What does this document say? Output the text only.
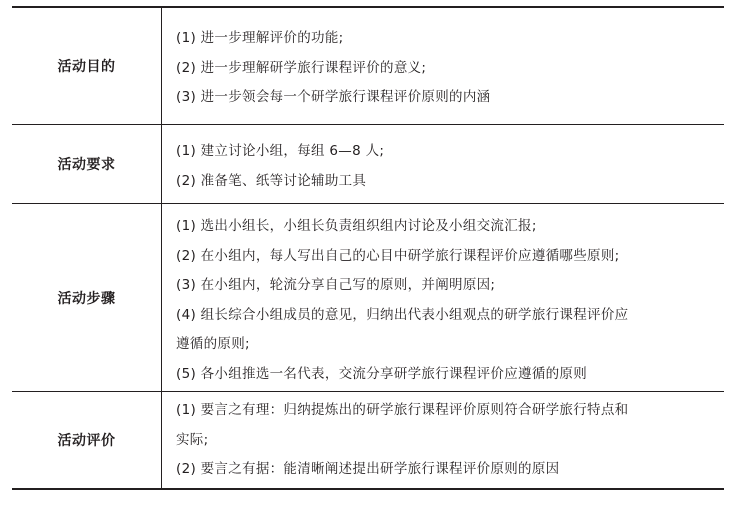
活动目的
(1) 进一步理解评价的功能;
(2) 进一步理解研学旅行课程评价的意义;
(3) 进一步领会每一个研学旅行课程评价原则的内涵
活动要求
(1) 建立讨论小组，每组 6—8 人;
(2) 准备笔、纸等讨论辅助工具
活动步骤
(1) 选出小组长，小组长负责组织组内讨论及小组交流汇报;
(2) 在小组内，每人写出自己的心目中研学旅行课程评价应遵循哪些原则;
(3) 在小组内，轮流分享自己写的原则，并阐明原因;
(4) 组长综合小组成员的意见，归纳出代表小组观点的研学旅行课程评价应
遵循的原则;
(5) 各小组推选一名代表，交流分享研学旅行课程评价应遵循的原则
活动评价
(1) 要言之有理：归纳提炼出的研学旅行课程评价原则符合研学旅行特点和
实际;
(2) 要言之有据：能清晰阐述提出研学旅行课程评价原则的原因
